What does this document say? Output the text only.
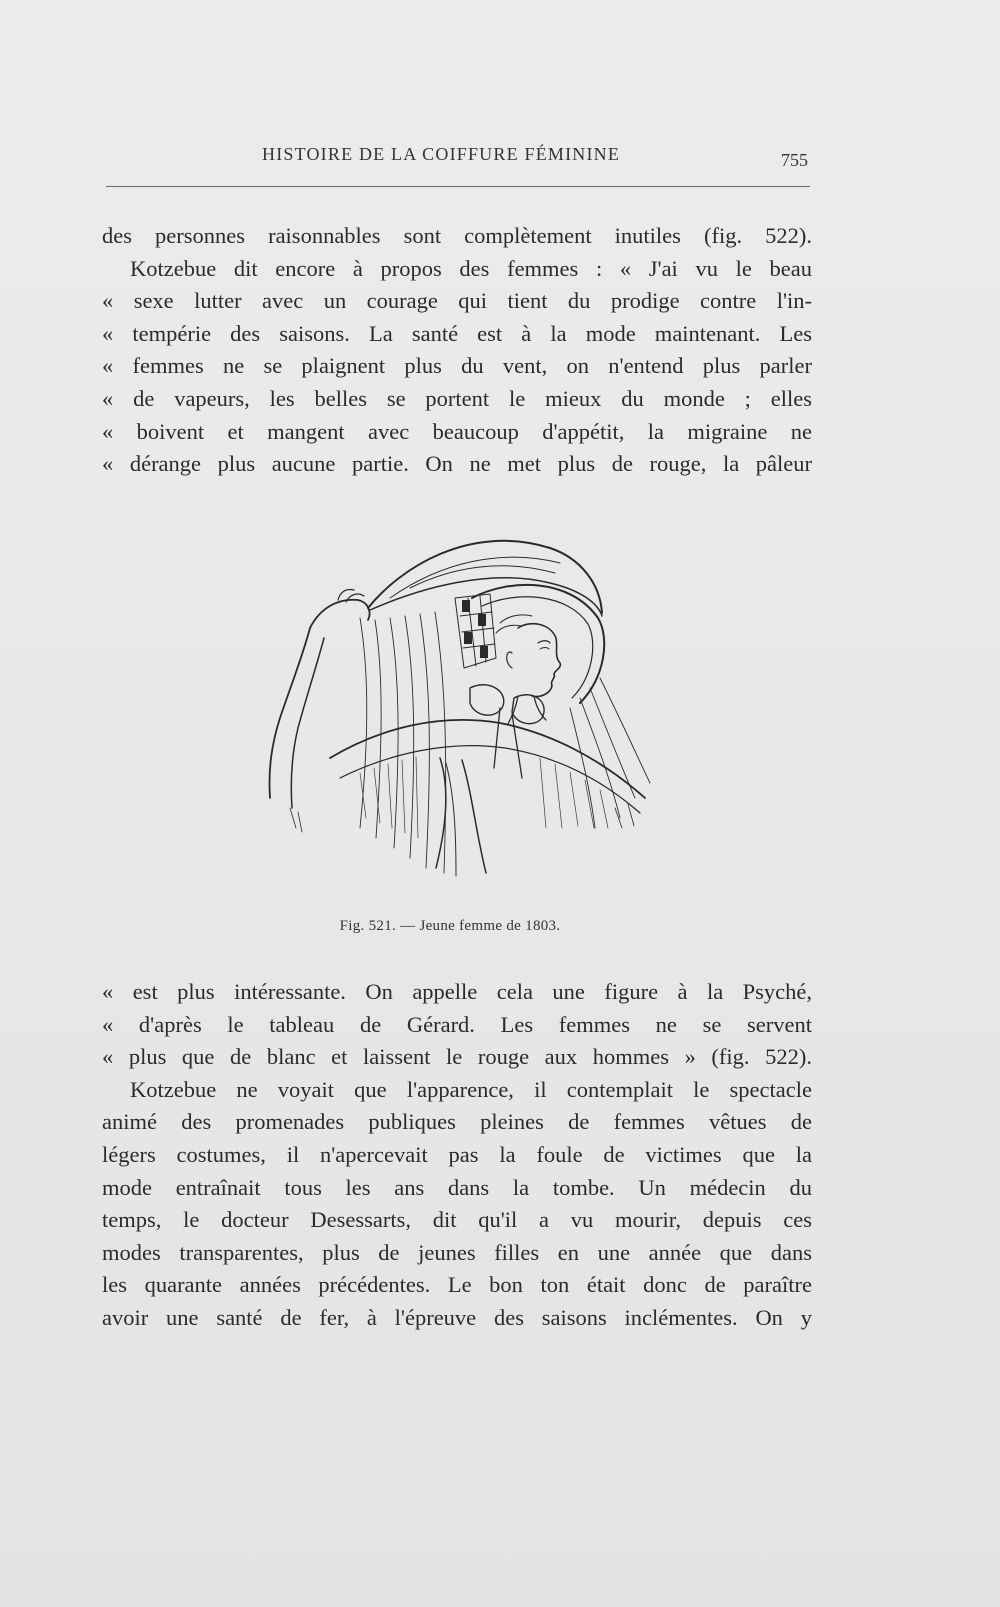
HISTOIRE DE LA COIFFURE FÉMININE	755
des personnes raisonnables sont complètement inutiles (fig. 522).
Kotzebue dit encore à propos des femmes : « J'ai vu le beau
« sexe lutter avec un courage qui tient du prodige contre l'in-
« tempérie des saisons. La santé est à la mode maintenant. Les
« femmes ne se plaignent plus du vent, on n'entend plus parler
« de vapeurs, les belles se portent le mieux du monde ; elles
« boivent et mangent avec beaucoup d'appétit, la migraine ne
« dérange plus aucune partie. On ne met plus de rouge, la pâleur
Fig. 521. — Jeune femme de 1803.
« est plus intéressante. On appelle cela une figure à la Psyché,
« d'après le tableau de Gérard. Les femmes ne se servent
« plus que de blanc et laissent le rouge aux hommes » (fig. 522).
Kotzebue ne voyait que l'apparence, il contemplait le spectacle
animé des promenades publiques pleines de femmes vêtues de
légers costumes, il n'apercevait pas la foule de victimes que la
mode entraînait tous les ans dans la tombe. Un médecin du
temps, le docteur Desessarts, dit qu'il a vu mourir, depuis ces
modes transparentes, plus de jeunes filles en une année que dans
les quarante années précédentes. Le bon ton était donc de paraître
avoir une santé de fer, à l'épreuve des saisons inclémentes. On y
